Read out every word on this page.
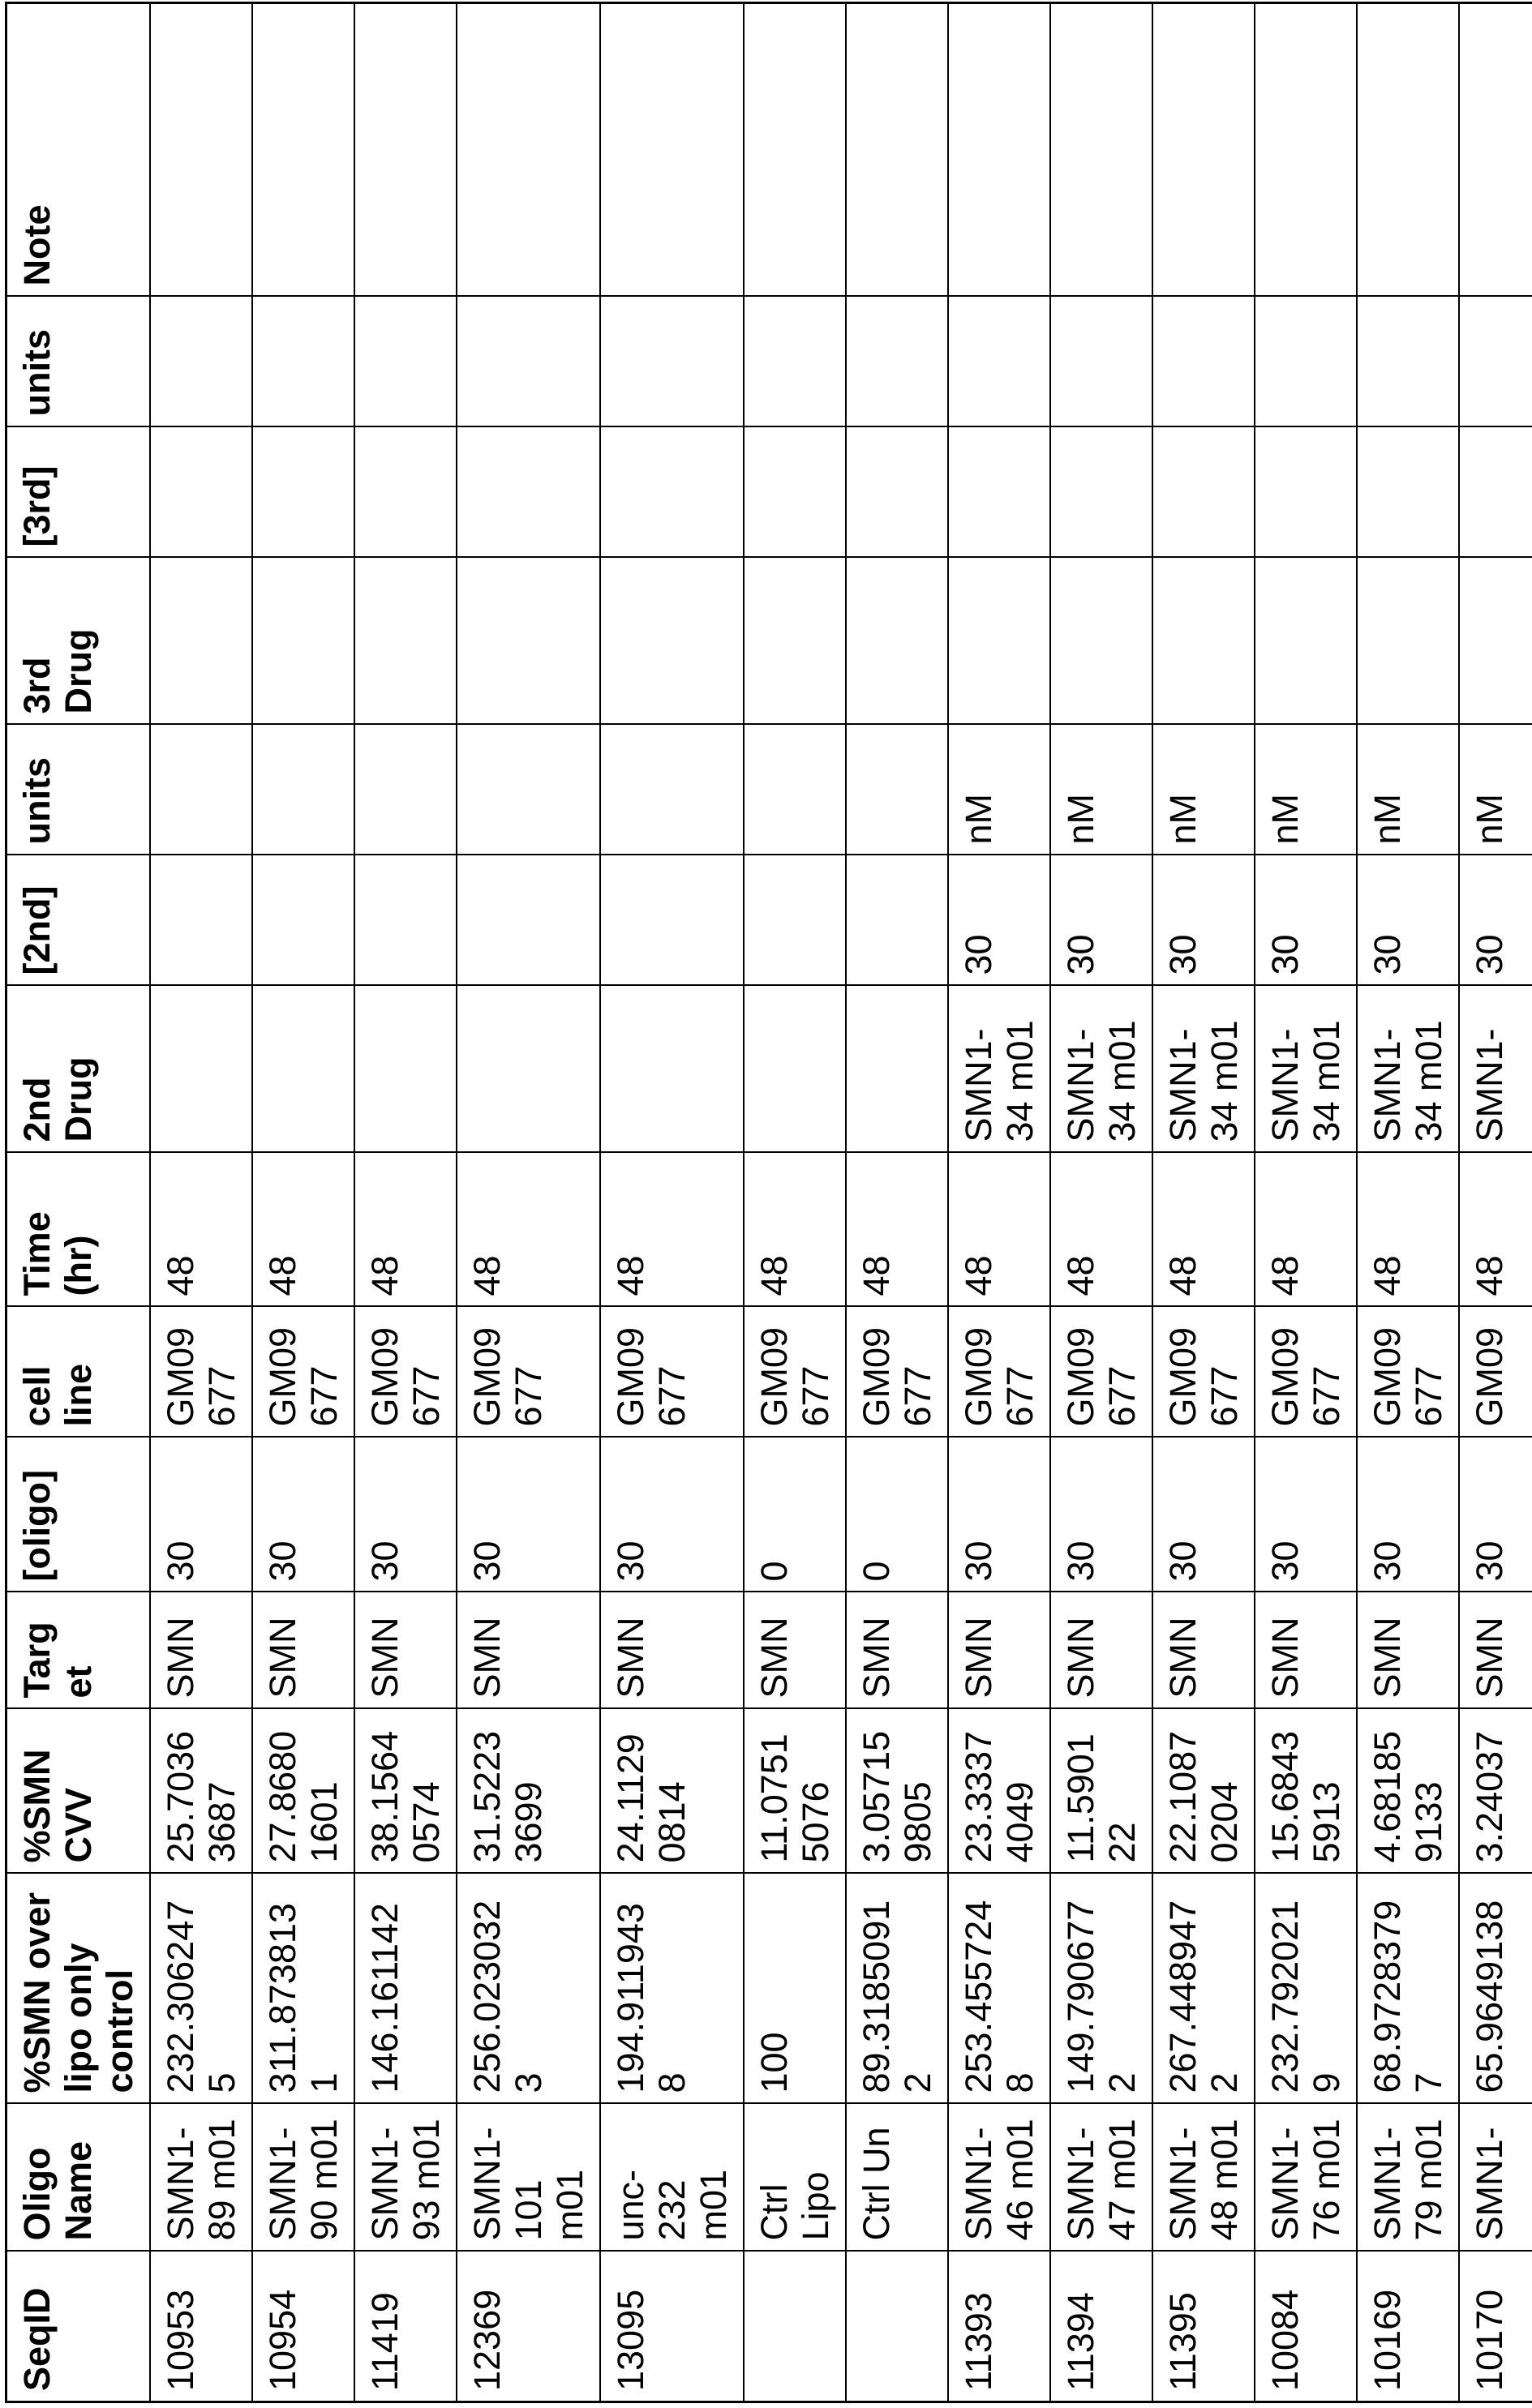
SeqID	Oligo Name	%SMN over lipo only control	%SMN CVV	Target	[oligo]	cell line	Time (hr)	2nd Drug	[2nd]	units	3rd Drug	[3rd]	units	Note
10953	SMN1-89 m01	232.3062475	25.70363687	SMN	30	GM09677	48							
10954	SMN1-90 m01	311.8738131	27.86801601	SMN	30	GM09677	48							
11419	SMN1-93 m01	146.161142	38.15640574	SMN	30	GM09677	48							
12369	SMN1-101 m01	256.0230323	31.52233699	SMN	30	GM09677	48							
13095	unc-232 m01	194.9119438	24.11290814	SMN	30	GM09677	48							
	Ctrl Lipo	100	11.07515076	SMN	0	GM09677	48							
	Ctrl Un	89.31850912	3.057159805	SMN	0	GM09677	48							
11393	SMN1-46 m01	253.4557248	23.33374049	SMN	30	GM09677	48	SMN1-34 m01	30	nM				
11394	SMN1-47 m01	149.7906772	11.590122	SMN	30	GM09677	48	SMN1-34 m01	30	nM				
11395	SMN1-48 m01	267.4489472	22.10870204	SMN	30	GM09677	48	SMN1-34 m01	30	nM				
10084	SMN1-76 m01	232.7920219	15.68435913	SMN	30	GM09677	48	SMN1-34 m01	30	nM				
10169	SMN1-79 m01	68.97283797	4.681859133	SMN	30	GM09677	48	SMN1-34 m01	30	nM				
10170	SMN1-	65.9649138	3.24037	SMN	30	GM09	48	SMN1-	30	nM				
